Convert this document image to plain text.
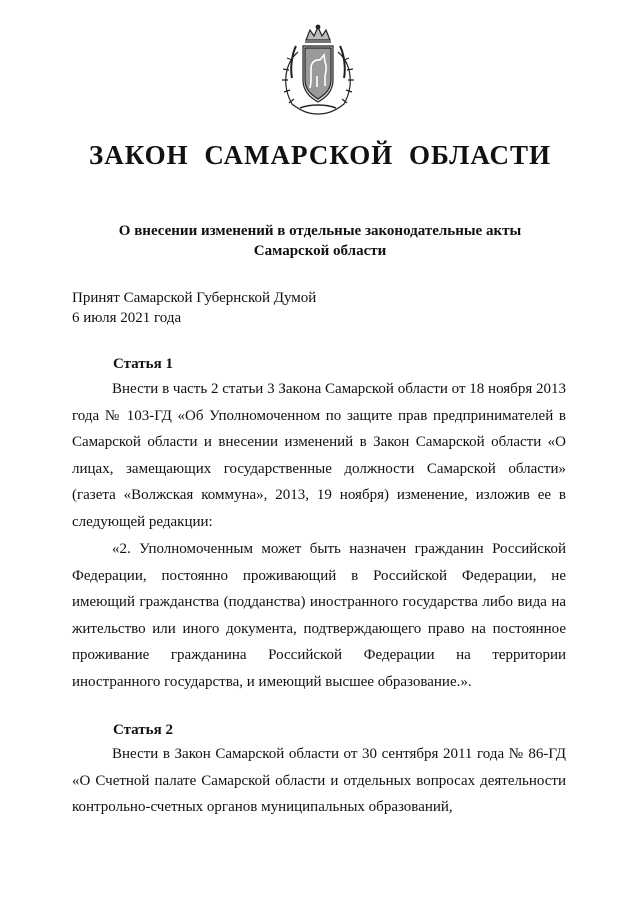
ЗАКОН САМАРСКОЙ ОБЛАСТИ
О внесении изменений в отдельные законодательные акты
Самарской области
Принят Самарской Губернской Думой
6 июля 2021 года
Статья 1

Внести в часть 2 статьи 3 Закона Самарской области от 18 ноября 2013 года № 103-ГД «Об Уполномоченном по защите прав предпринимателей в Самарской области и внесении изменений в Закон Самарской области «О лицах, замещающих государственные должности Самарской области» (газета «Волжская коммуна», 2013, 19 ноября) изменение, изложив ее в следующей редакции:

«2. Уполномоченным может быть назначен гражданин Российской Федерации, постоянно проживающий в Российской Федерации, не имеющий гражданства (подданства) иностранного государства либо вида на жительство или иного документа, подтверждающего право на постоянное проживание гражданина Российской Федерации на территории иностранного государства, и имеющий высшее образование.».

Статья 2

Внести в Закон Самарской области от 30 сентября 2011 года № 86-ГД «О Счетной палате Самарской области и отдельных вопросах деятельности контрольно-счетных органов муниципальных образований,
